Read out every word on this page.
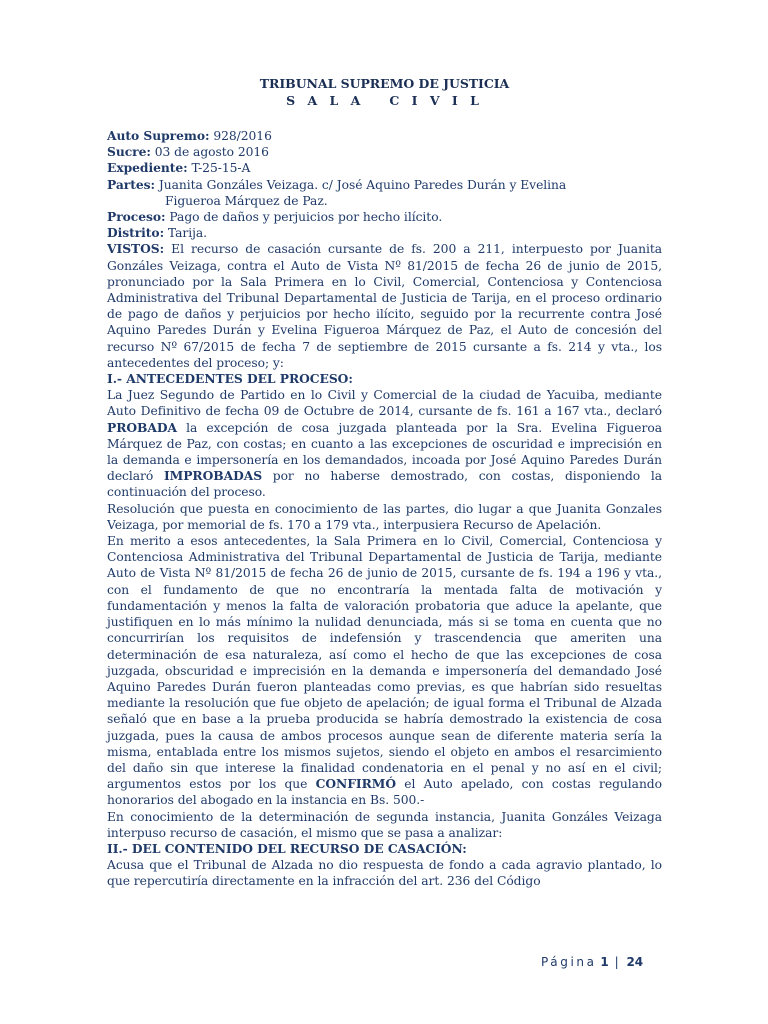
TRIBUNAL SUPREMO DE JUSTICIA
S A L A   C I V I L

Auto Supremo: 928/2016

Sucre: 03 de agosto 2016

Expediente: T-25-15-A

Partes: Juanita Gonzáles Veizaga. c/ José Aquino Paredes Durán y Evelina

Figueroa Márquez de Paz.

Proceso: Pago de daños y perjuicios por hecho ilícito.

Distrito: Tarija.

VISTOS: El recurso de casación cursante de fs. 200 a 211, interpuesto por Juanita Gonzáles Veizaga, contra el Auto de Vista Nº 81/2015 de fecha 26 de junio de 2015, pronunciado por la Sala Primera en lo Civil, Comercial, Contenciosa y Contenciosa Administrativa del Tribunal Departamental de Justicia de Tarija, en el proceso ordinario de pago de daños y perjuicios por hecho ilícito, seguido por la recurrente contra José Aquino Paredes Durán y Evelina Figueroa Márquez de Paz, el Auto de concesión del recurso Nº 67/2015 de fecha 7 de septiembre de 2015 cursante a fs. 214 y vta., los antecedentes del proceso; y:

I.- ANTECEDENTES DEL PROCESO:

La Juez Segundo de Partido en lo Civil y Comercial de la ciudad de Yacuiba, mediante Auto Definitivo de fecha 09 de Octubre de 2014, cursante de fs. 161 a 167 vta., declaró PROBADA la excepción de cosa juzgada planteada por la Sra. Evelina Figueroa Márquez de Paz, con costas; en cuanto a las excepciones de oscuridad e imprecisión en la demanda e impersonería en los demandados, incoada por José Aquino Paredes Durán declaró IMPROBADAS por no haberse demostrado, con costas, disponiendo la continuación del proceso.

Resolución que puesta en conocimiento de las partes, dio lugar a que Juanita Gonzales Veizaga, por memorial de fs. 170 a 179 vta., interpusiera Recurso de Apelación.

En merito a esos antecedentes, la Sala Primera en lo Civil, Comercial, Contenciosa y Contenciosa Administrativa del Tribunal Departamental de Justicia de Tarija, mediante Auto de Vista Nº 81/2015 de fecha 26 de junio de 2015, cursante de fs. 194 a 196 y vta., con el fundamento de que no encontraría la mentada falta de motivación y fundamentación y menos la falta de valoración probatoria que aduce la apelante, que justifiquen en lo más mínimo la nulidad denunciada, más si se toma en cuenta que no concurrirían los requisitos de indefensión y trascendencia que ameriten una determinación de esa naturaleza, así como el hecho de que las excepciones de cosa juzgada, obscuridad e imprecisión en la demanda e impersonería del demandado José Aquino Paredes Durán fueron planteadas como previas, es que habrían sido resueltas mediante la resolución que fue objeto de apelación; de igual forma el Tribunal de Alzada señaló que en base a la prueba producida se habría demostrado la existencia de cosa juzgada, pues la causa de ambos procesos aunque sean de diferente materia sería la misma, entablada entre los mismos sujetos, siendo el objeto en ambos el resarcimiento del daño sin que interese la finalidad condenatoria en el penal y no así en el civil; argumentos estos por los que CONFIRMÓ el Auto apelado, con costas regulando honorarios del abogado en la instancia en Bs. 500.-

En conocimiento de la determinación de segunda instancia, Juanita Gonzáles Veizaga interpuso recurso de casación, el mismo que se pasa a analizar:

II.- DEL CONTENIDO DEL RECURSO DE CASACIÓN:

Acusa que el Tribunal de Alzada no dio respuesta de fondo a cada agravio plantado, lo que repercutiría directamente en la infracción del art. 236 del Código

Página 1 | 24
